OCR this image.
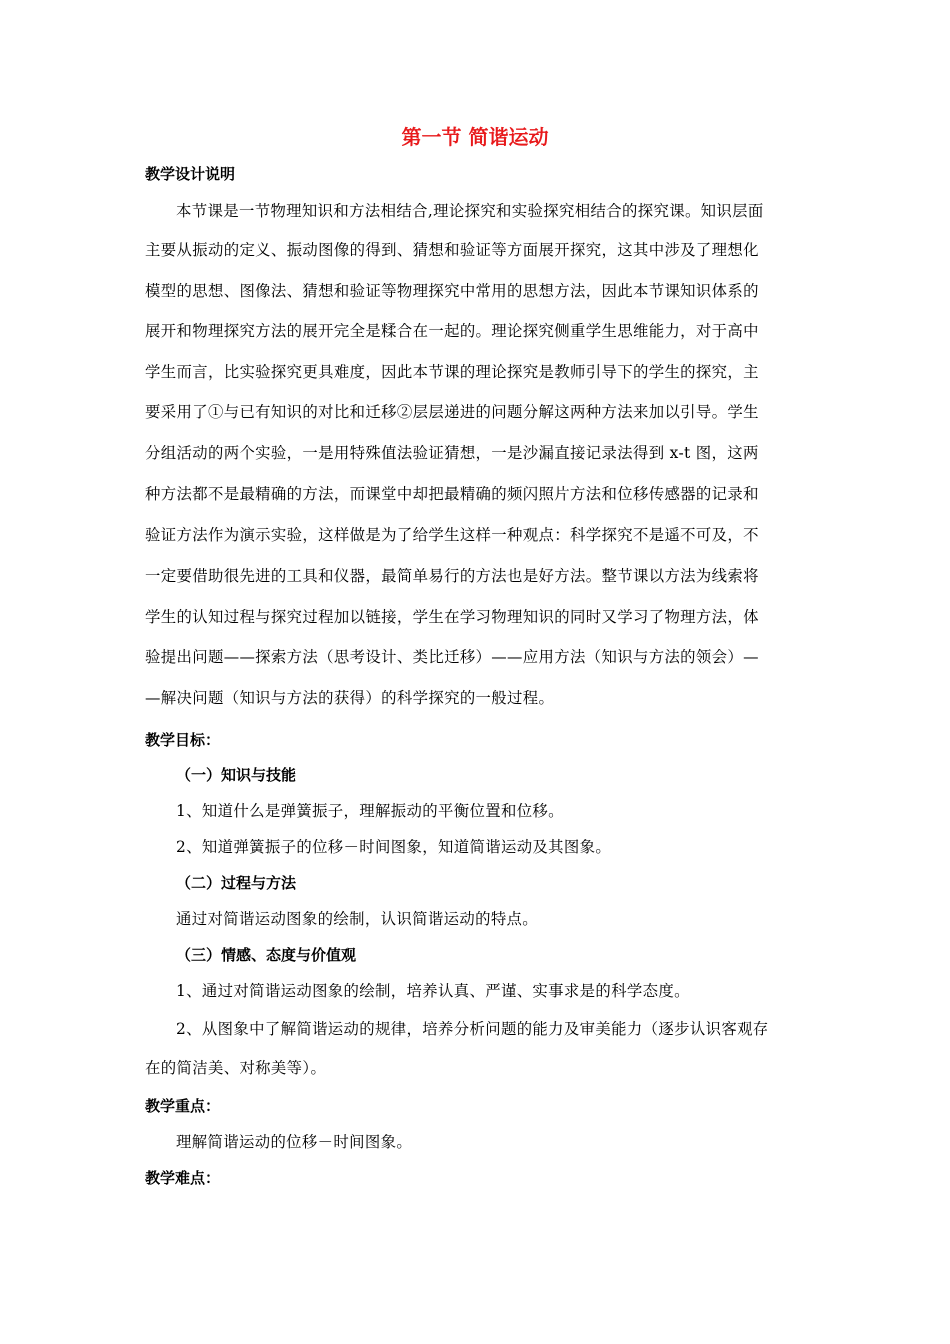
第一节 简谐运动
教学设计说明
本节课是一节物理知识和方法相结合,理论探究和实验探究相结合的探究课。知识层面
主要从振动的定义、振动图像的得到、猜想和验证等方面展开探究，这其中涉及了理想化
模型的思想、图像法、猜想和验证等物理探究中常用的思想方法，因此本节课知识体系的
展开和物理探究方法的展开完全是糅合在一起的。理论探究侧重学生思维能力，对于高中
学生而言，比实验探究更具难度，因此本节课的理论探究是教师引导下的学生的探究，主
要采用了①与已有知识的对比和迁移②层层递进的问题分解这两种方法来加以引导。学生
分组活动的两个实验，一是用特殊值法验证猜想，一是沙漏直接记录法得到 x-t 图，这两
种方法都不是最精确的方法，而课堂中却把最精确的频闪照片方法和位移传感器的记录和
验证方法作为演示实验，这样做是为了给学生这样一种观点：科学探究不是遥不可及，不
一定要借助很先进的工具和仪器，最简单易行的方法也是好方法。整节课以方法为线索将
学生的认知过程与探究过程加以链接，学生在学习物理知识的同时又学习了物理方法，体
验提出问题——探索方法（思考设计、类比迁移）——应用方法（知识与方法的领会）—
—解决问题（知识与方法的获得）的科学探究的一般过程。
教学目标：
（一）知识与技能
1、知道什么是弹簧振子，理解振动的平衡位置和位移。
2、知道弹簧振子的位移－时间图象，知道简谐运动及其图象。
（二）过程与方法
通过对简谐运动图象的绘制，认识简谐运动的特点。
（三）情感、态度与价值观
1、通过对简谐运动图象的绘制，培养认真、严谨、实事求是的科学态度。
2、从图象中了解简谐运动的规律，培养分析问题的能力及审美能力（逐步认识客观存
在的简洁美、对称美等）。
教学重点：
理解简谐运动的位移－时间图象。
教学难点：
